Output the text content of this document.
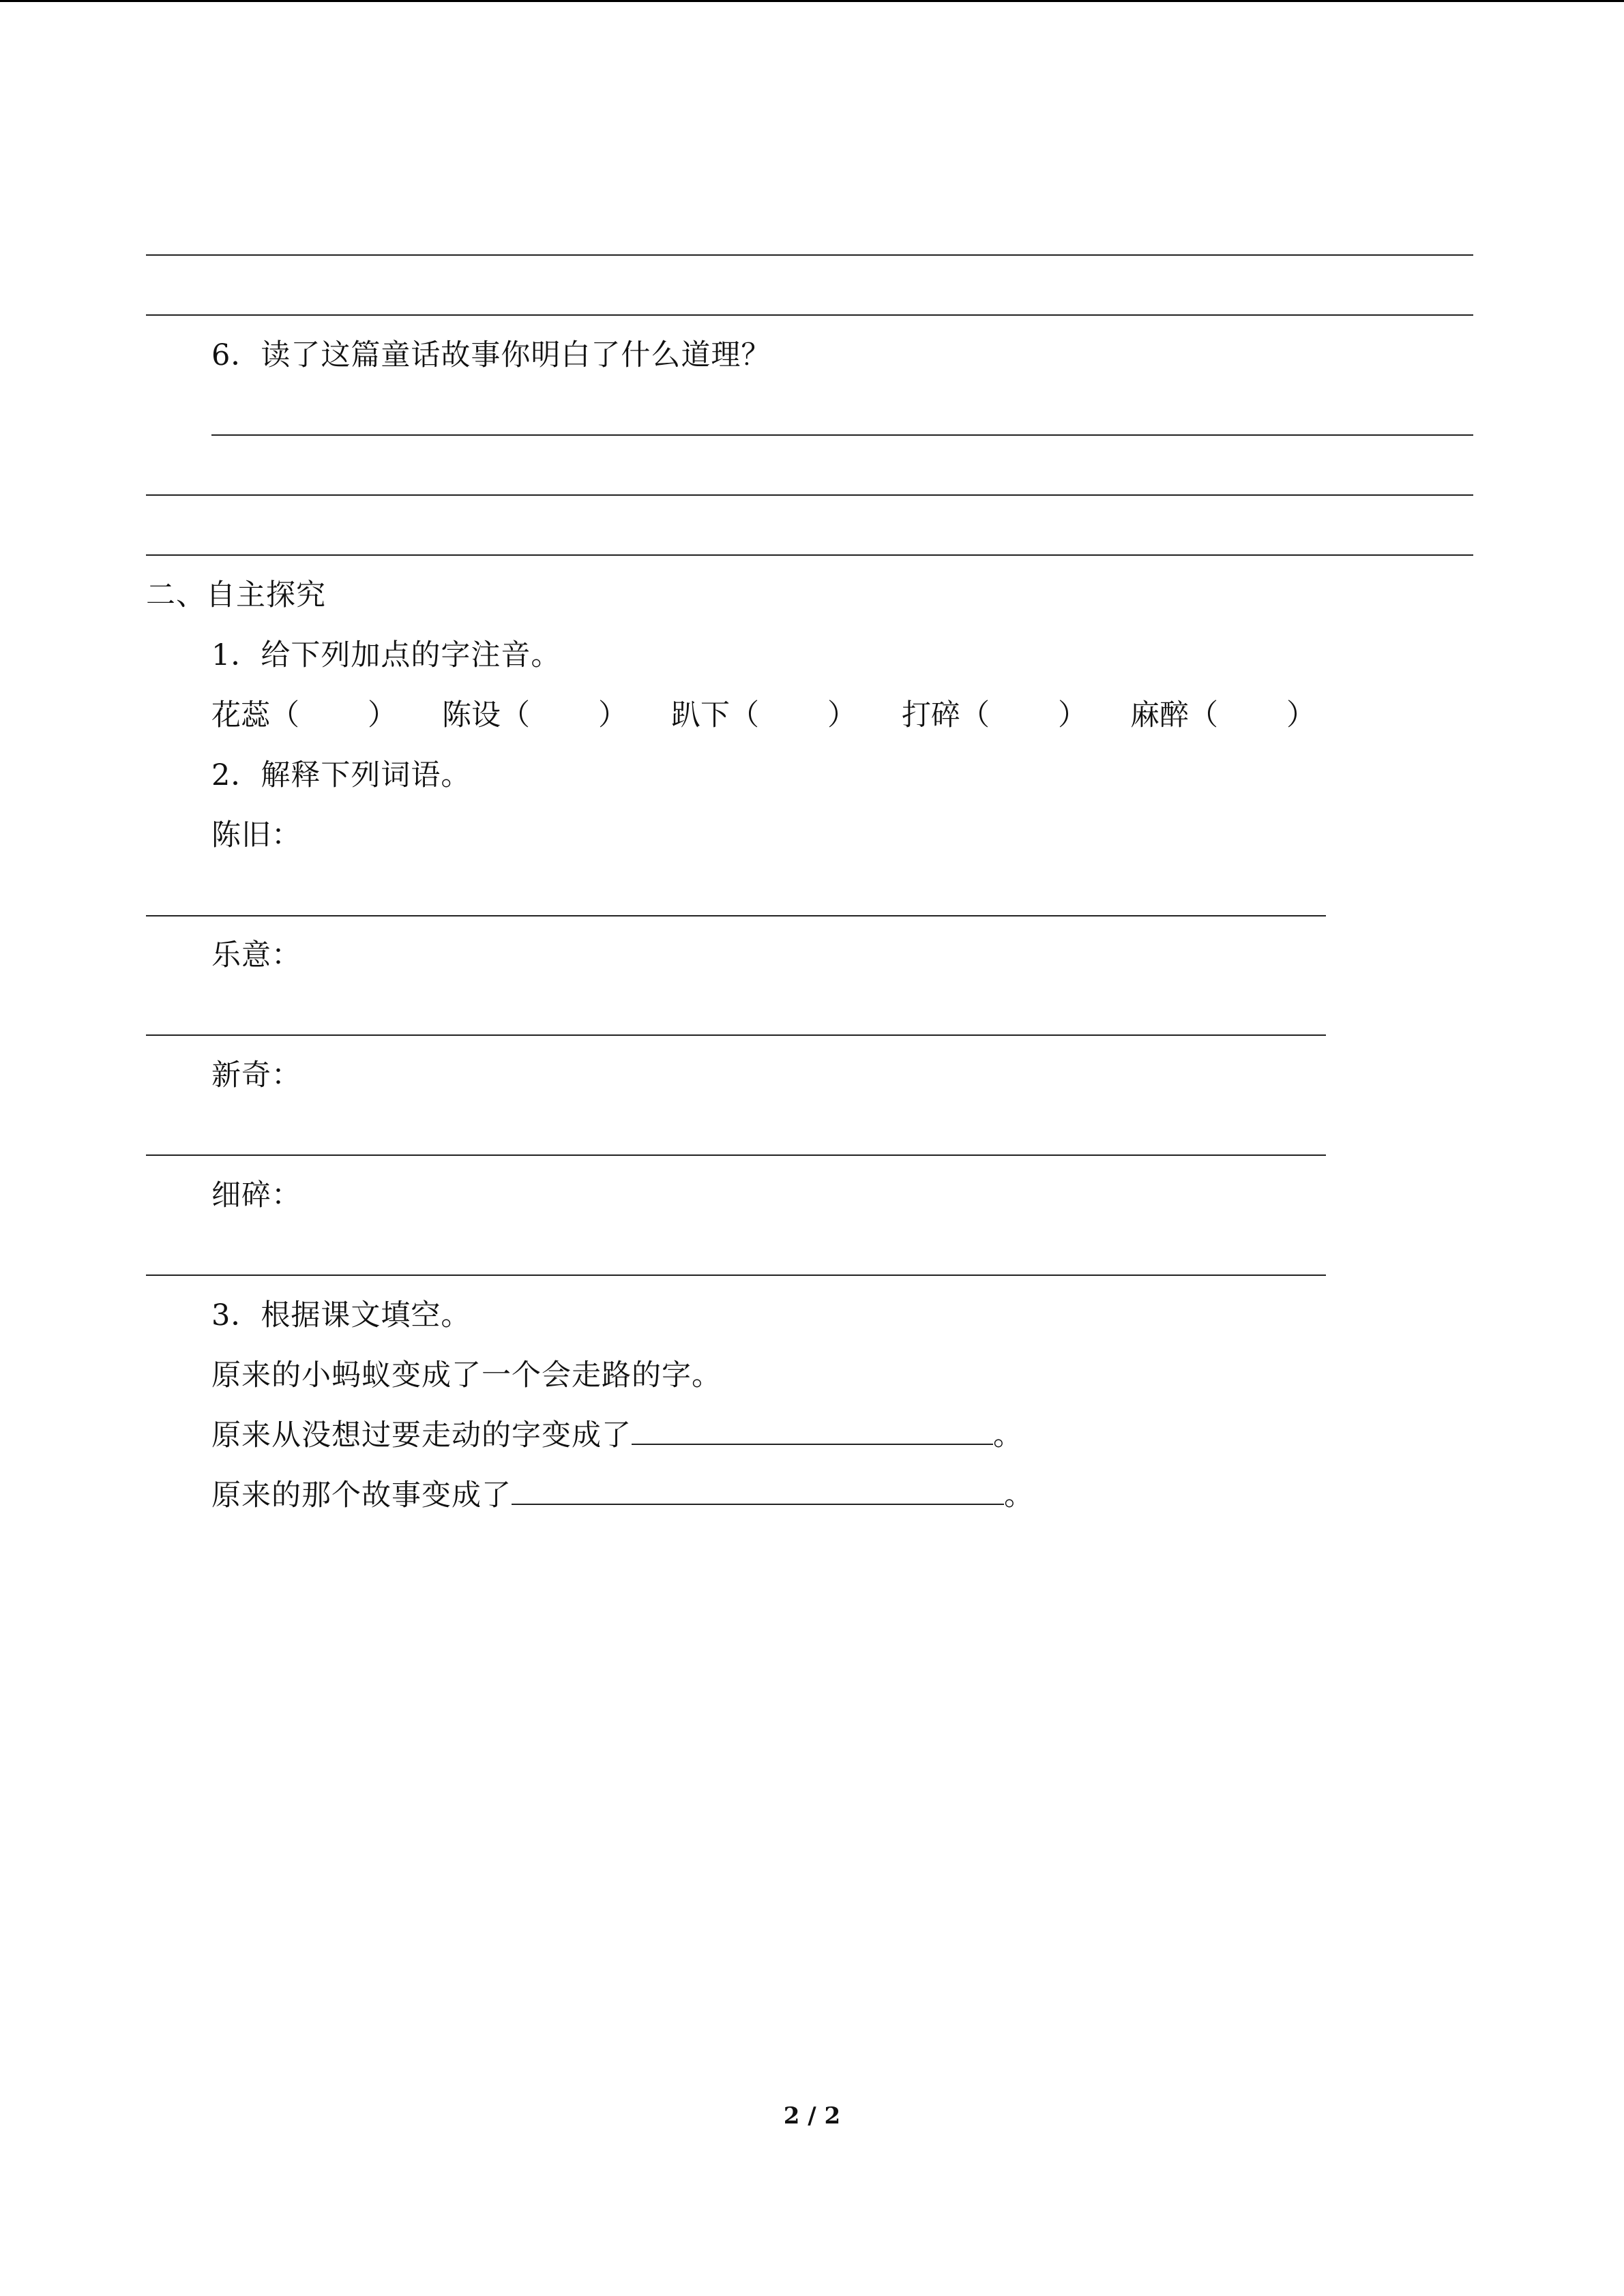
6．读了这篇童话故事你明白了什么道理？
二、自主探究
1．给下列加点的字注音。
花蕊（ ） 陈设（ ） 趴下（ ） 打碎（ ） 麻醉（ ）
2．解释下列词语。
陈旧：
乐意：
新奇：
细碎：
3．根据课文填空。
原来的小蚂蚁变成了一个会走路的字。
原来从没想过要走动的字变成了	。
原来的那个故事变成了	。
2 / 2
